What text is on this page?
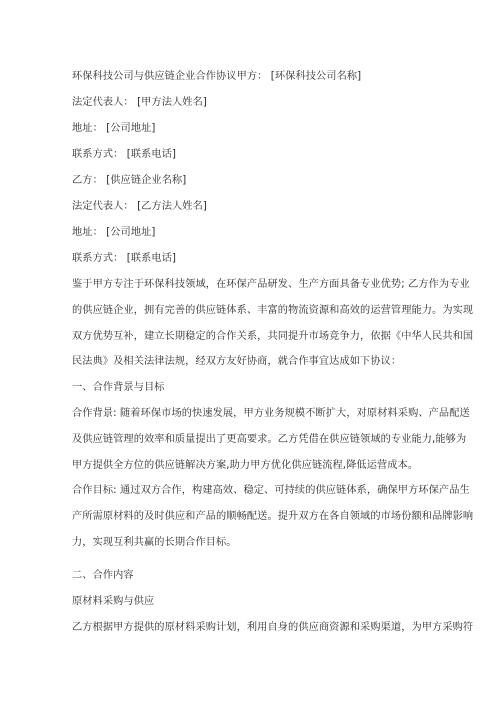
环保科技公司与供应链企业合作协议甲方： [环保科技公司名称]
法定代表人： [甲方法人姓名]
地址： [公司地址]
联系方式： [联系电话]
乙方： [供应链企业名称]
法定代表人： [乙方法人姓名]
地址： [公司地址]
联系方式： [联系电话]
鉴于甲方专注于环保科技领域，在环保产品研发、生产方面具备专业优势; 乙方作为专业
的供应链企业，拥有完善的供应链体系、丰富的物流资源和高效的运营管理能力。为实现
双方优势互补，建立长期稳定的合作关系，共同提升市场竞争力，依据《中华人民共和国
民法典》及相关法律法规，经双方友好协商，就合作事宜达成如下协议：
一、合作背景与目标
合作背景: 随着环保市场的快速发展，甲方业务规模不断扩大，对原材料采购、产品配送
及供应链管理的效率和质量提出了更高要求。乙方凭借在供应链领域的专业能力,能够为
甲方提供全方位的供应链解决方案,助力甲方优化供应链流程,降低运营成本。
合作目标: 通过双方合作，构建高效、稳定、可持续的供应链体系，确保甲方环保产品生
产所需原材料的及时供应和产品的顺畅配送。提升双方在各自领域的市场份额和品牌影响
力，实现互利共赢的长期合作目标。
二、合作内容
原材料采购与供应
乙方根据甲方提供的原材料采购计划，利用自身的供应商资源和采购渠道，为甲方采购符
